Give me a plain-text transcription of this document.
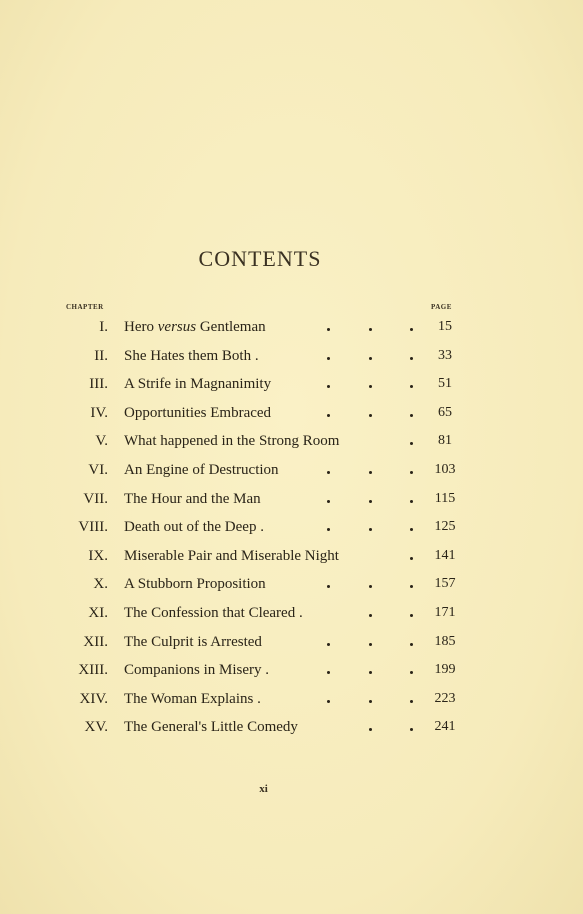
CONTENTS
CHAPTER	PAGE
I. Hero versus Gentleman	15
II. She Hates them Both .	33
III. A Strife in Magnanimity	51
IV. Opportunities Embraced	65
V. What happened in the Strong Room	81
VI. An Engine of Destruction	103
VII. The Hour and the Man	115
VIII. Death out of the Deep .	125
IX. Miserable Pair and Miserable Night	141
X. A Stubborn Proposition	157
XI. The Confession that Cleared .	171
XII. The Culprit is Arrested	185
XIII. Companions in Misery .	199
XIV. The Woman Explains .	223
XV. The General's Little Comedy	241
xi
